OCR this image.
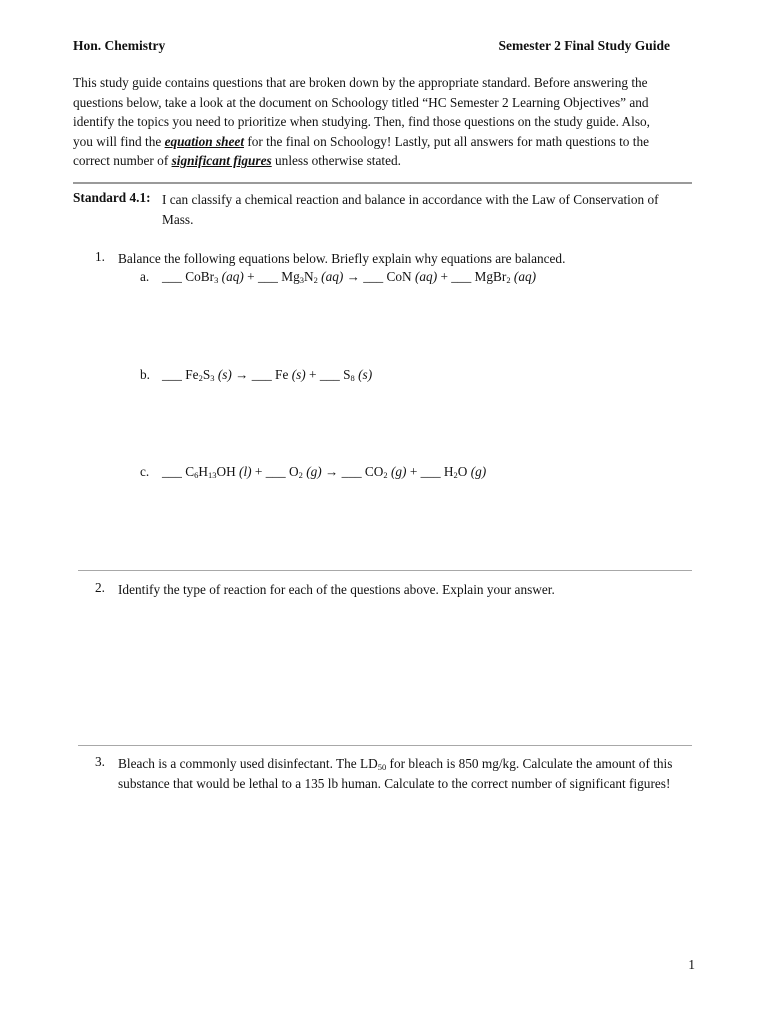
Hon. Chemistry	Semester 2 Final Study Guide
This study guide contains questions that are broken down by the appropriate standard. Before answering the questions below, take a look at the document on Schoology titled “HC Semester 2 Learning Objectives” and identify the topics you need to prioritize when studying. Then, find those questions on the study guide. Also, you will find the equation sheet for the final on Schoology! Lastly, put all answers for math questions to the correct number of significant figures unless otherwise stated.
Standard 4.1: I can classify a chemical reaction and balance in accordance with the Law of Conservation of Mass.
1. Balance the following equations below. Briefly explain why equations are balanced.
a. ___ CoBr$_3$ (aq) + ___ $Mg_3N_2$ (aq) → ___ CoN (aq) + ___ MgBr$_2$ (aq)
b. ___ $Fe_2S_3$ (s) → ___ Fe (s) + ___ $S_8$ (s)
c. ___ $C_6H_{13}OH$ (l) + ___ $O_2$ (g) → ___ $CO_2$ (g) + ___ $H_2O$ (g)
2. Identify the type of reaction for each of the questions above. Explain your answer.
3. Bleach is a commonly used disinfectant. The $LD_{50}$ for bleach is 850 mg/kg. Calculate the amount of this substance that would be lethal to a 135 lb human. Calculate to the correct number of significant figures!
1
